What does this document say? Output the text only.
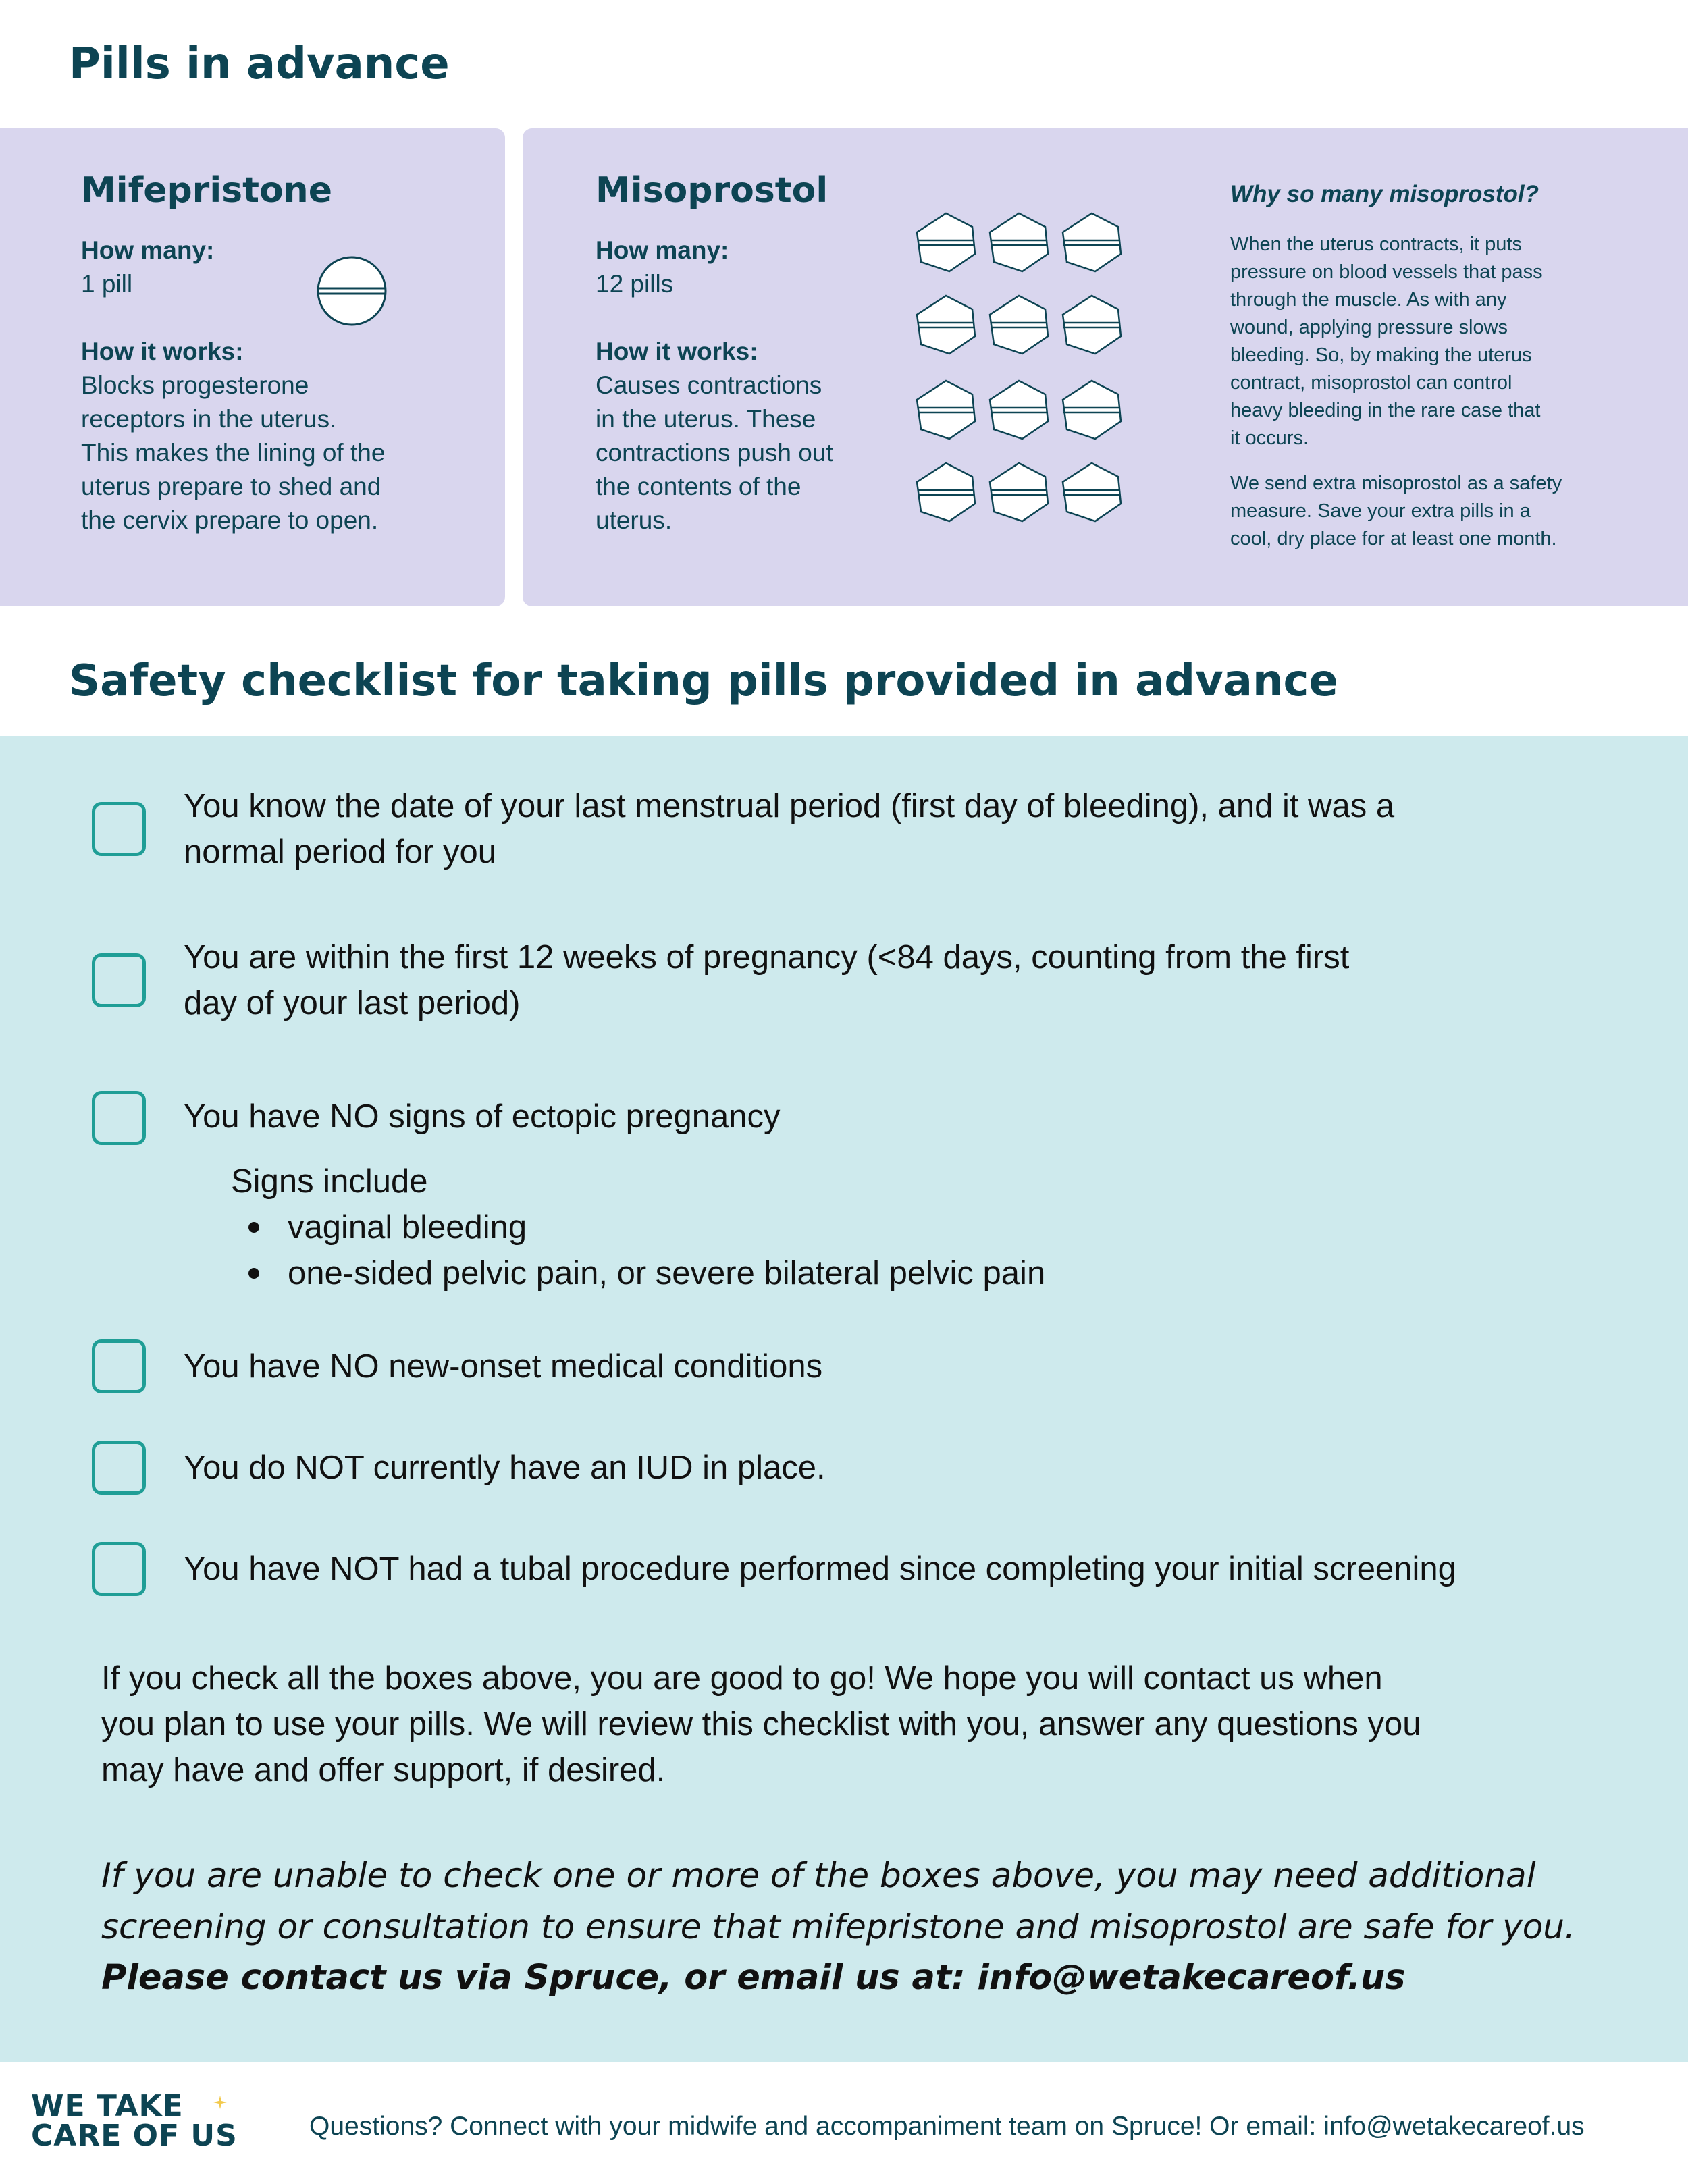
Pills in advance
Mifepristone
How many:
1 pill
How it works:
Blocks progesterone
receptors in the uterus.
This makes the lining of the
uterus prepare to shed and
the cervix prepare to open.
Misoprostol
How many:
12 pills
How it works:
Causes contractions
in the uterus. These
contractions push out
the contents of the
uterus.
Why so many misoprostol?
When the uterus contracts, it puts
pressure on blood vessels that pass
through the muscle. As with any
wound, applying pressure slows
bleeding. So, by making the uterus
contract, misoprostol can control
heavy bleeding in the rare case that
it occurs.
We send extra misoprostol as a safety
measure. Save your extra pills in a
cool, dry place for at least one month.
Safety checklist for taking pills provided in advance
You know the date of your last menstrual period (first day of bleeding), and it was a
normal period for you
You are within the first 12 weeks of pregnancy (<84 days, counting from the first
day of your last period)
You have NO signs of ectopic pregnancy
Signs include
vaginal bleeding
one-sided pelvic pain, or severe bilateral pelvic pain
You have NO new-onset medical conditions
You do NOT currently have an IUD in place.
You have NOT had a tubal procedure performed since completing your initial screening
If you check all the boxes above, you are good to go! We hope you will contact us when
you plan to use your pills. We will review this checklist with you, answer any questions you
may have and offer support, if desired.
If you are unable to check one or more of the boxes above, you may need additional
screening or consultation to ensure that mifepristone and misoprostol are safe for you.
Please contact us via Spruce, or email us at: info@wetakecareof.us
WE TAKE
CARE OF US	Questions? Connect with your midwife and accompaniment team on Spruce! Or email: info@wetakecareof.us
